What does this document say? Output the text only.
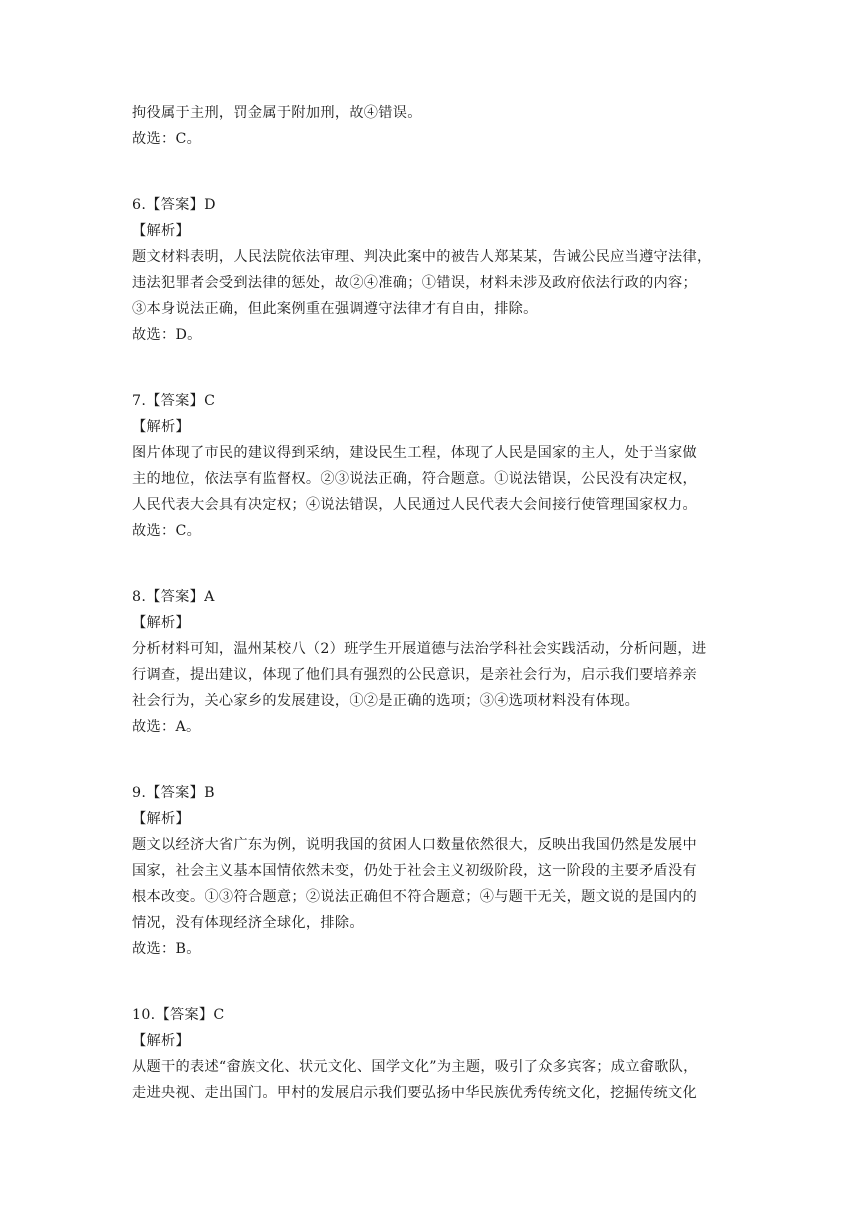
拘役属于主刑，罚金属于附加刑，故④错误。
故选：C。
6.【答案】D
【解析】
题文材料表明，人民法院依法审理、判决此案中的被告人郑某某，告诫公民应当遵守法律，
违法犯罪者会受到法律的惩处，故②④准确；①错误，材料未涉及政府依法行政的内容；
③本身说法正确，但此案例重在强调遵守法律才有自由，排除。
故选：D。
7.【答案】C
【解析】
图片体现了市民的建议得到采纳，建设民生工程，体现了人民是国家的主人，处于当家做
主的地位，依法享有监督权。②③说法正确，符合题意。①说法错误，公民没有决定权，
人民代表大会具有决定权；④说法错误，人民通过人民代表大会间接行使管理国家权力。
故选：C。
8.【答案】A
【解析】
分析材料可知，温州某校八（2）班学生开展道德与法治学科社会实践活动，分析问题，进
行调查，提出建议，体现了他们具有强烈的公民意识，是亲社会行为，启示我们要培养亲
社会行为，关心家乡的发展建设，①②是正确的选项；③④选项材料没有体现。
故选：A。
9.【答案】B
【解析】
题文以经济大省广东为例，说明我国的贫困人口数量依然很大，反映出我国仍然是发展中
国家，社会主义基本国情依然未变，仍处于社会主义初级阶段，这一阶段的主要矛盾没有
根本改变。①③符合题意；②说法正确但不符合题意；④与题干无关，题文说的是国内的
情况，没有体现经济全球化，排除。
故选：B。
10.【答案】C
【解析】
从题干的表述“畲族文化、状元文化、国学文化”为主题，吸引了众多宾客；成立畲歌队，
走进央视、走出国门。甲村的发展启示我们要弘扬中华民族优秀传统文化，挖掘传统文化
